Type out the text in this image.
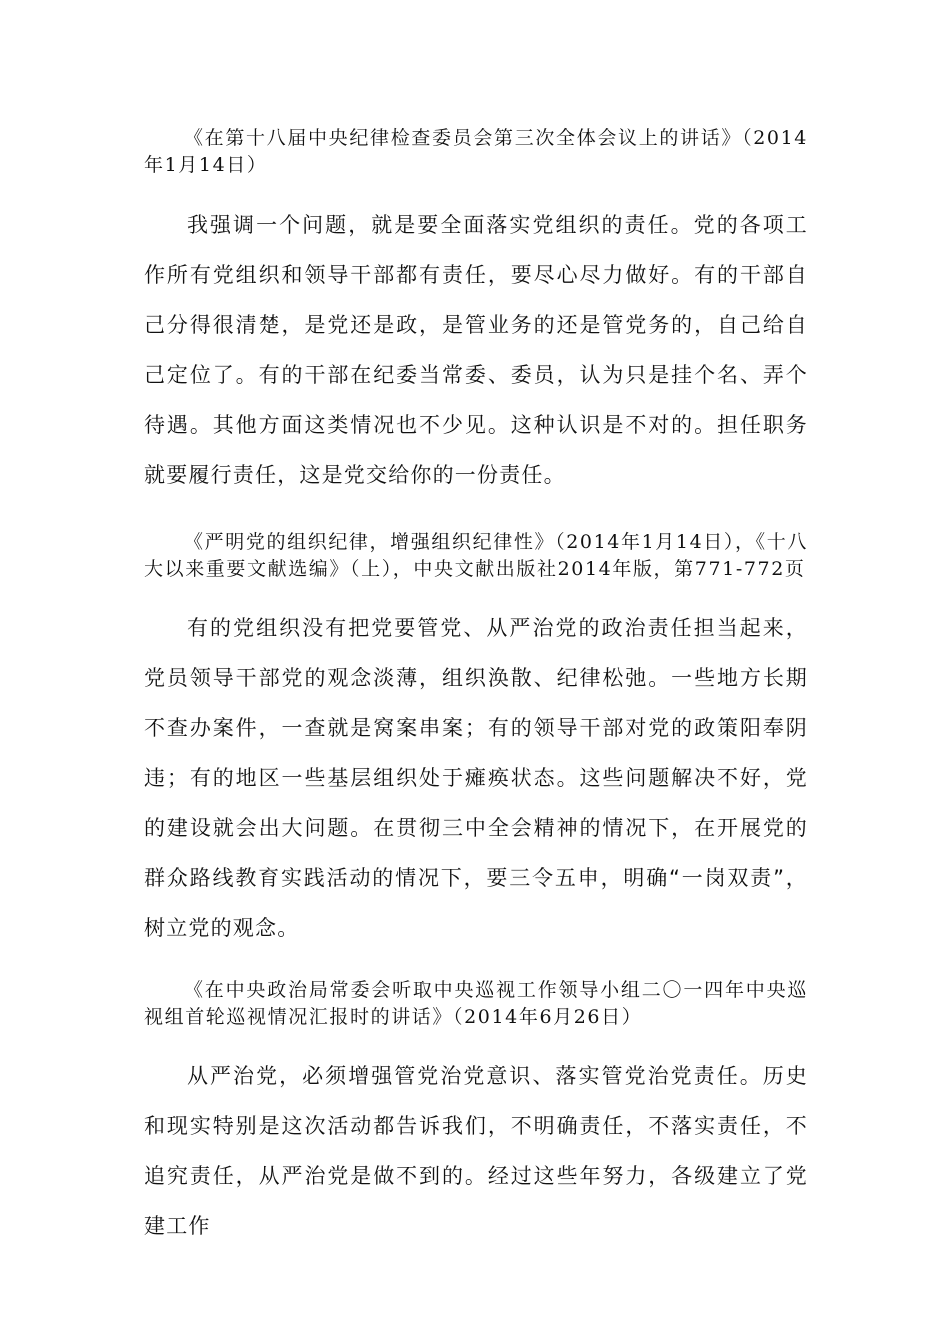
《在第十八届中央纪律检查委员会第三次全体会议上的讲话》（2014年1月14日）

我强调一个问题，就是要全面落实党组织的责任。党的各项工作所有党组织和领导干部都有责任，要尽心尽力做好。有的干部自己分得很清楚，是党还是政，是管业务的还是管党务的，自己给自己定位了。有的干部在纪委当常委、委员，认为只是挂个名、弄个待遇。其他方面这类情况也不少见。这种认识是不对的。担任职务就要履行责任，这是党交给你的一份责任。

《严明党的组织纪律，增强组织纪律性》（2014年1月14日），《十八大以来重要文献选编》（上），中央文献出版社2014年版，第771-772页

有的党组织没有把党要管党、从严治党的政治责任担当起来，党员领导干部党的观念淡薄，组织涣散、纪律松弛。一些地方长期不查办案件，一查就是窝案串案；有的领导干部对党的政策阳奉阴违；有的地区一些基层组织处于瘫痪状态。这些问题解决不好，党的建设就会出大问题。在贯彻三中全会精神的情况下，在开展党的群众路线教育实践活动的情况下，要三令五申，明确“一岗双责”，树立党的观念。

《在中央政治局常委会听取中央巡视工作领导小组二〇一四年中央巡视组首轮巡视情况汇报时的讲话》（2014年6月26日）

从严治党，必须增强管党治党意识、落实管党治党责任。历史和现实特别是这次活动都告诉我们，不明确责任，不落实责任，不追究责任，从严治党是做不到的。经过这些年努力，各级建立了党建工作
